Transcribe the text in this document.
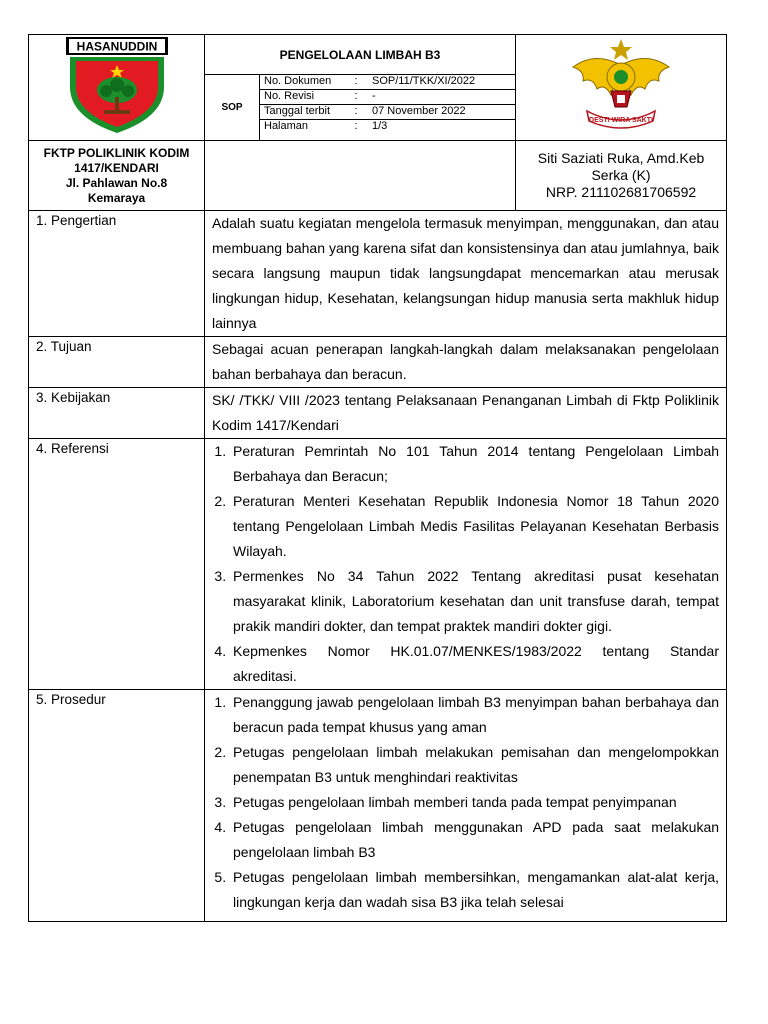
HASANUDDIN
	PENGELOLAAN LIMBAH B3	
DESTI WIRA SAKTI

SOP	
No. Dokumen	:	SOP/11/TKK/XI/2022
No. Revisi	:	-
Tanggal terbit	:	07 November 2022
Halaman	:	1/3

FKTP POLIKLINIK KODIM
1417/KENDARI
Jl. Pahlawan No.8
Kemaraya

Siti Saziati Ruka, Amd.Keb
Serka (K)
NRP. 211102681706592

1. Pengertian	Adalah suatu kegiatan mengelola termasuk menyimpan, menggunakan, dan atau membuang bahan yang karena sifat dan konsistensinya dan atau jumlahnya, baik secara langsung maupun tidak langsungdapat mencemarkan atau merusak lingkungan hidup, Kesehatan, kelangsungan hidup manusia serta makhluk hidup lainnya
2. Tujuan	Sebagai acuan penerapan langkah-langkah dalam melaksanakan pengelolaan bahan berbahaya dan beracun.
3. Kebijakan	SK/ /TKK/ VIII /2023 tentang Pelaksanaan Penanganan Limbah di Fktp Poliklinik Kodim 1417/Kendari
4. Referensi	
1.Peraturan Pemrintah No 101 Tahun 2014 tentang Pengelolaan Limbah Berbahaya dan Beracun;
2. Peraturan Menteri Kesehatan Republik Indonesia Nomor 18 Tahun 2020 tentang Pengelolaan Limbah Medis Fasilitas Pelayanan Kesehatan Berbasis Wilayah.
3. Permenkes No 34 Tahun 2022 Tentang akreditasi pusat kesehatan masyarakat klinik, Laboratorium kesehatan dan unit transfuse darah, tempat prakik mandiri dokter, dan tempat praktek mandiri dokter gigi.
4. Kepmenkes Nomor HK.01.07/MENKES/1983/2022 tentang Standar akreditasi.

5. Prosedur	
1.Penanggung jawab pengelolaan limbah B3 menyimpan bahan berbahaya dan beracun pada tempat khusus yang aman
2. Petugas pengelolaan limbah melakukan pemisahan dan mengelompokkan penempatan B3 untuk menghindari reaktivitas
3. Petugas pengelolaan limbah memberi tanda pada tempat penyimpanan
4. Petugas pengelolaan limbah menggunakan APD pada saat melakukan pengelolaan limbah B3
5. Petugas pengelolaan limbah membersihkan, mengamankan alat-alat kerja, lingkungan kerja dan wadah sisa B3 jika telah selesai
